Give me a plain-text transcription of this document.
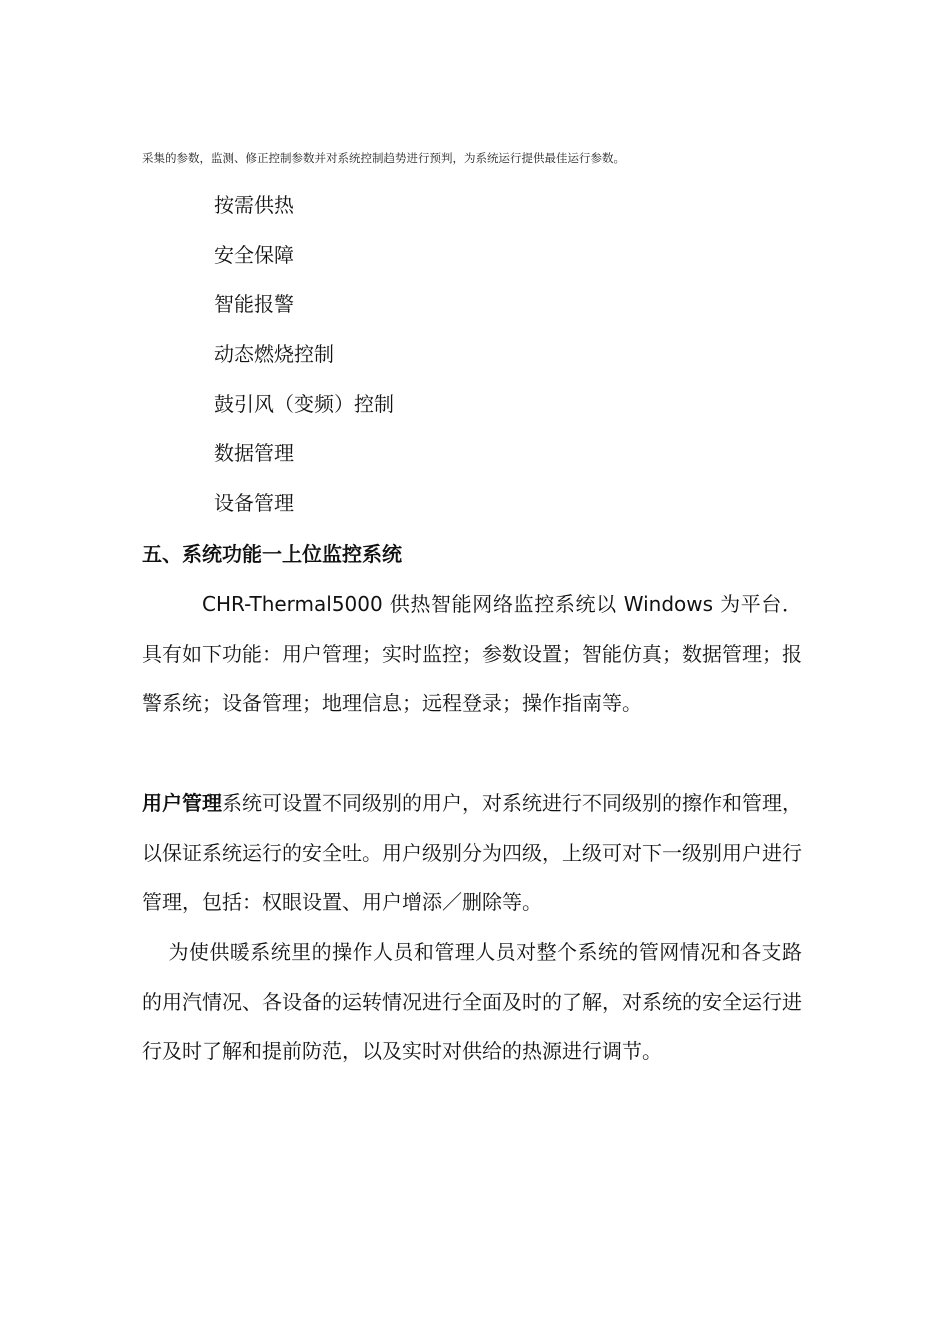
采集的参数，监测、修正控制参数并对系统控制趋势进行预判，为系统运行提供最佳运行参数。
按需供热
安全保障
智能报警
动态燃烧控制
鼓引风（变频）控制
数据管理
设备管理
五、系统功能一上位监控系统

CHR-Thermal5000 供热智能网络监控系统以 Windows 为平台．具有如下功能：用户管理；实时监控；参数设置；智能仿真；数据管理；报警系统；设备管理；地理信息；远程登录；操作指南等。

用户管理系统可设置不同级别的用户，对系统进行不同级别的擦作和管理，以保证系统运行的安全吐。用户级别分为四级，上级可对下一级别用户进行管理，包括：权眼设置、用户增添／删除等。

为使供暖系统里的操作人员和管理人员对整个系统的管网情况和各支路的用汽情况、各设备的运转情况进行全面及时的了解，对系统的安全运行进行及时了解和提前防范，以及实时对供给的热源进行调节。
